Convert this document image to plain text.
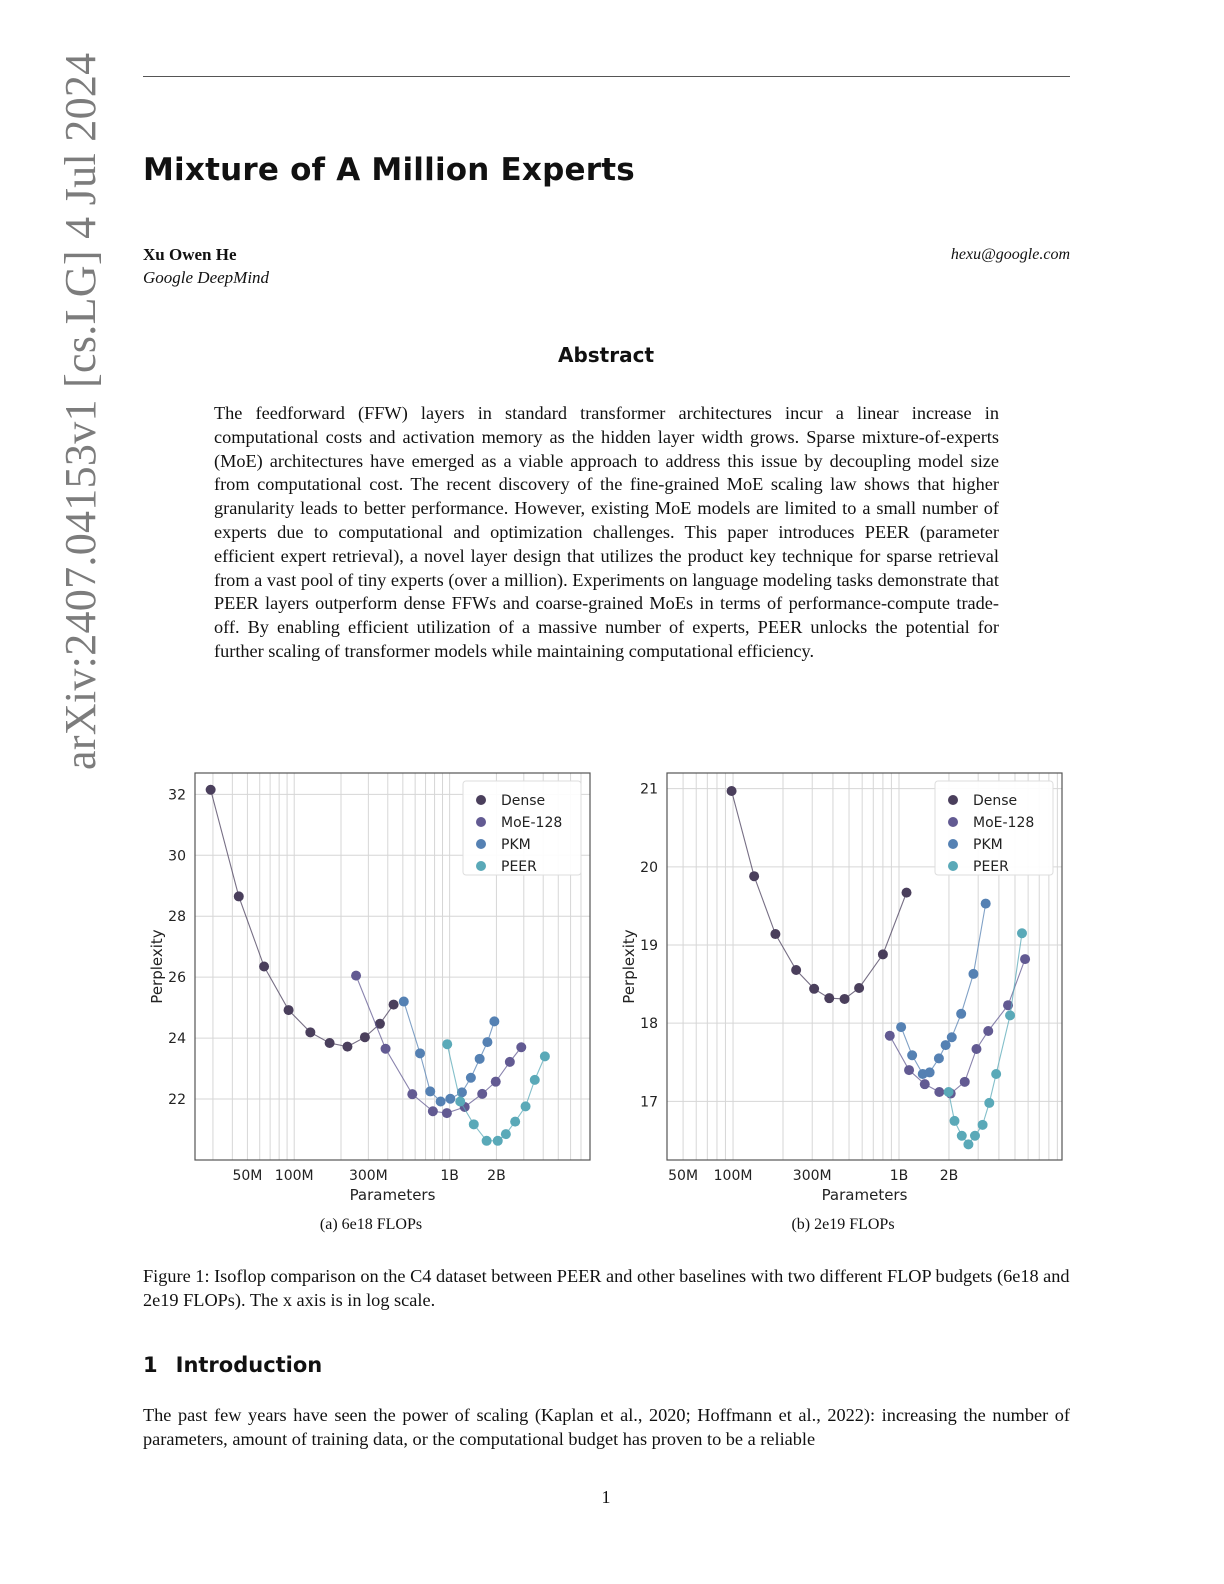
arXiv:2407.04153v1 [cs.LG] 4 Jul 2024 Mixture of A Million Experts
Xu Owen He
Google DeepMind
hexu@google.com
Abstract

The feedforward (FFW) layers in standard transformer architectures incur a linear increase in computational costs and activation memory as the hidden layer width grows. Sparse mixture-of-experts (MoE) architectures have emerged as a viable approach to address this issue by decoupling model size from computational cost. The recent discovery of the fine-grained MoE scaling law shows that higher granularity leads to better performance. However, existing MoE models are limited to a small number of experts due to computational and optimization challenges. This paper introduces PEER (parameter efficient expert retrieval), a novel layer design that utilizes the product key technique for sparse retrieval from a vast pool of tiny experts (over a million). Experiments on language modeling tasks demonstrate that PEER layers outperform dense FFWs and coarse-grained MoEs in terms of performance-compute trade-off. By enabling efficient utilization of a massive number of experts, PEER unlocks the potential for further scaling of transformer models while maintaining computational efficiency.

22
24
26
28
30
32
50M 100M	300M	1B 2B
Parameters
Perplexity
Dense
MoE-128
PKM
PEER
17
18
19
20
21
50M 100M	300M	1B 2B
Parameters
Perplexity
Dense
MoE-128
PKM
PEER
(a) 6e18 FLOPs	(b) 2e19 FLOPs

Figure 1: Isoflop comparison on the C4 dataset between PEER and other baselines with two different FLOP budgets (6e18 and 2e19 FLOPs). The x axis is in log scale.

1 Introduction

The past few years have seen the power of scaling (Kaplan et al., 2020; Hoffmann et al., 2022): increasing the number of parameters, amount of training data, or the computational budget has proven to be a reliable

1
